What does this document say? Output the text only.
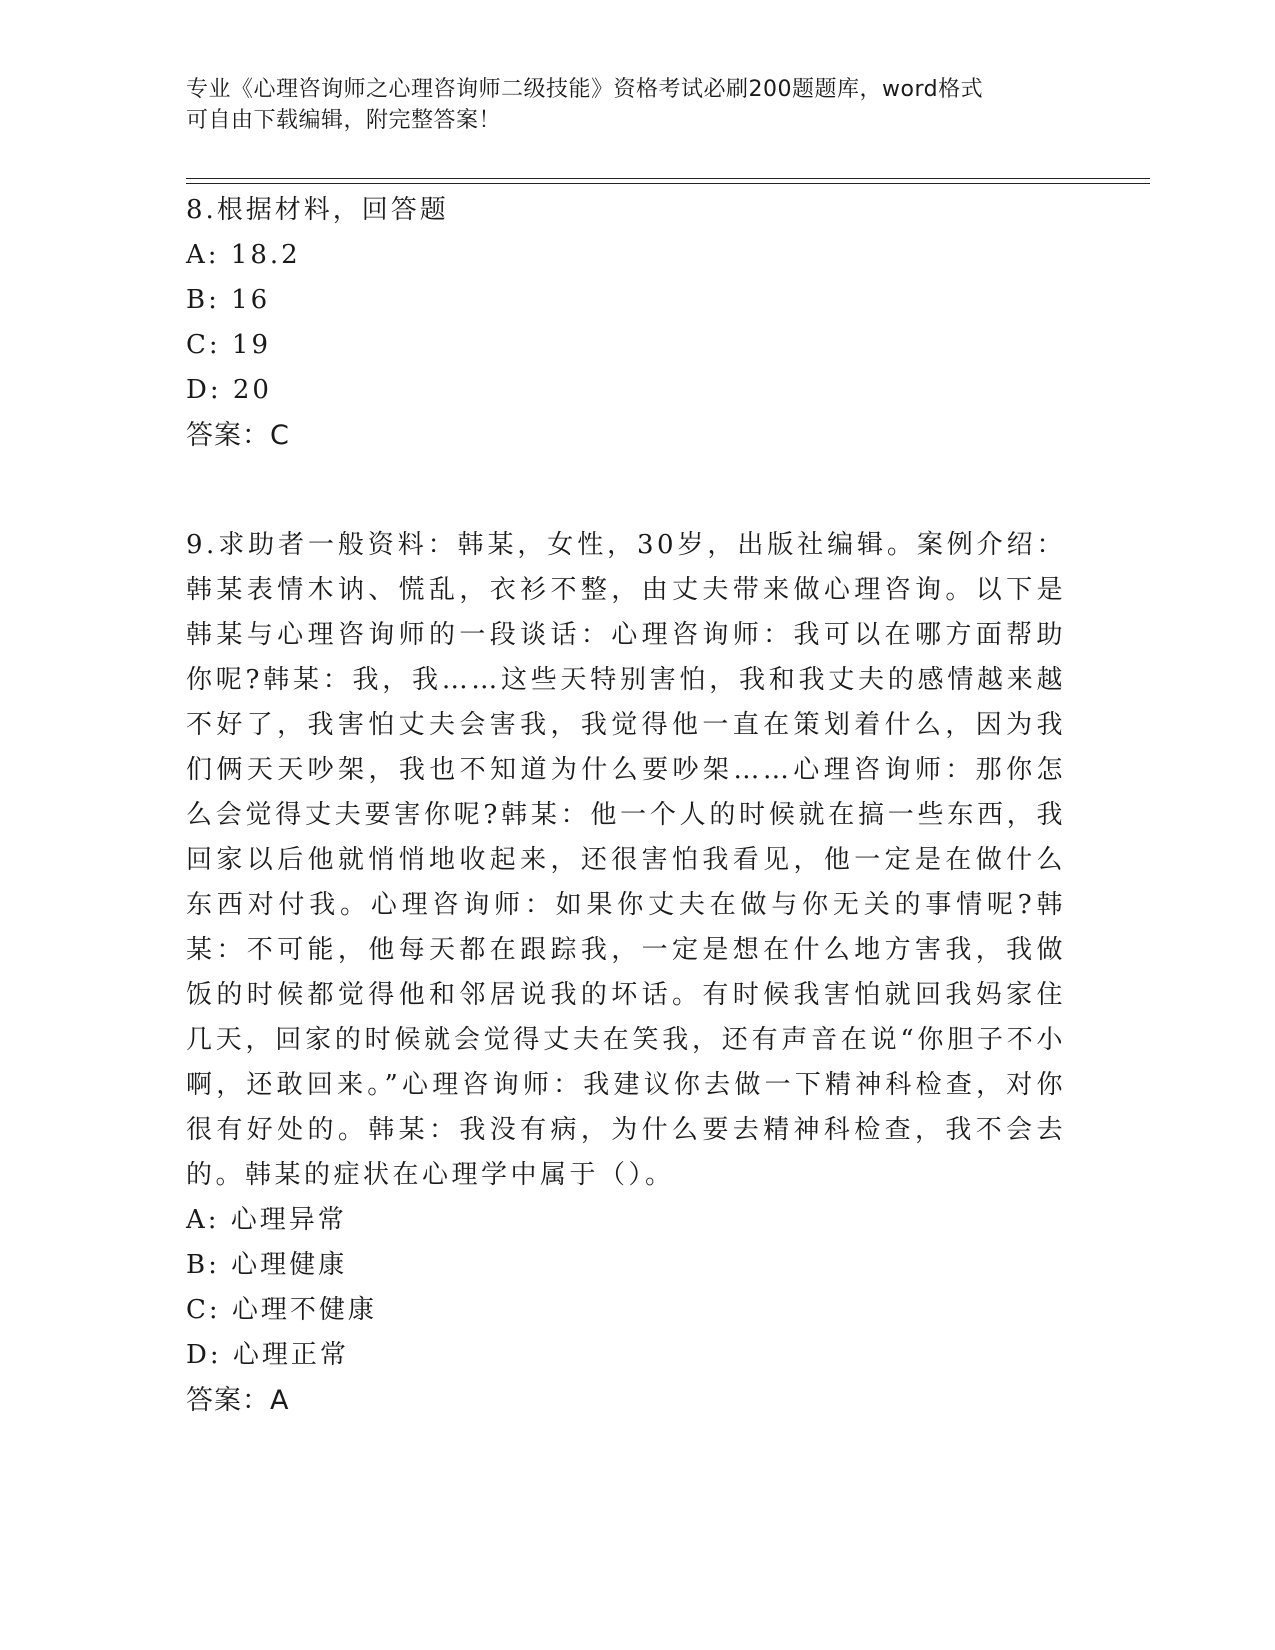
专业《心理咨询师之心理咨询师二级技能》资格考试必刷200题题库，word格式
可自由下载编辑，附完整答案！
8.根据材料，回答题
A: 18.2
B: 16
C: 19
D: 20
答案：C
9.求助者一般资料：韩某，女性，30岁，出版社编辑。案例介绍：韩某表情木讷、慌乱，衣衫不整，由丈夫带来做心理咨询。以下是韩某与心理咨询师的一段谈话：心理咨询师：我可以在哪方面帮助你呢?韩某：我，我……这些天特别害怕，我和我丈夫的感情越来越不好了，我害怕丈夫会害我，我觉得他一直在策划着什么，因为我们俩天天吵架，我也不知道为什么要吵架……心理咨询师：那你怎么会觉得丈夫要害你呢?韩某：他一个人的时候就在搞一些东西，我回家以后他就悄悄地收起来，还很害怕我看见，他一定是在做什么东西对付我。心理咨询师：如果你丈夫在做与你无关的事情呢?韩某：不可能，他每天都在跟踪我，一定是想在什么地方害我，我做饭的时候都觉得他和邻居说我的坏话。有时候我害怕就回我妈家住几天，回家的时候就会觉得丈夫在笑我，还有声音在说“你胆子不小啊，还敢回来。”心理咨询师：我建议你去做一下精神科检查，对你很有好处的。韩某：我没有病，为什么要去精神科检查，我不会去的。韩某的症状在心理学中属于（）。
A: 心理异常
B: 心理健康
C: 心理不健康
D: 心理正常
答案：A
